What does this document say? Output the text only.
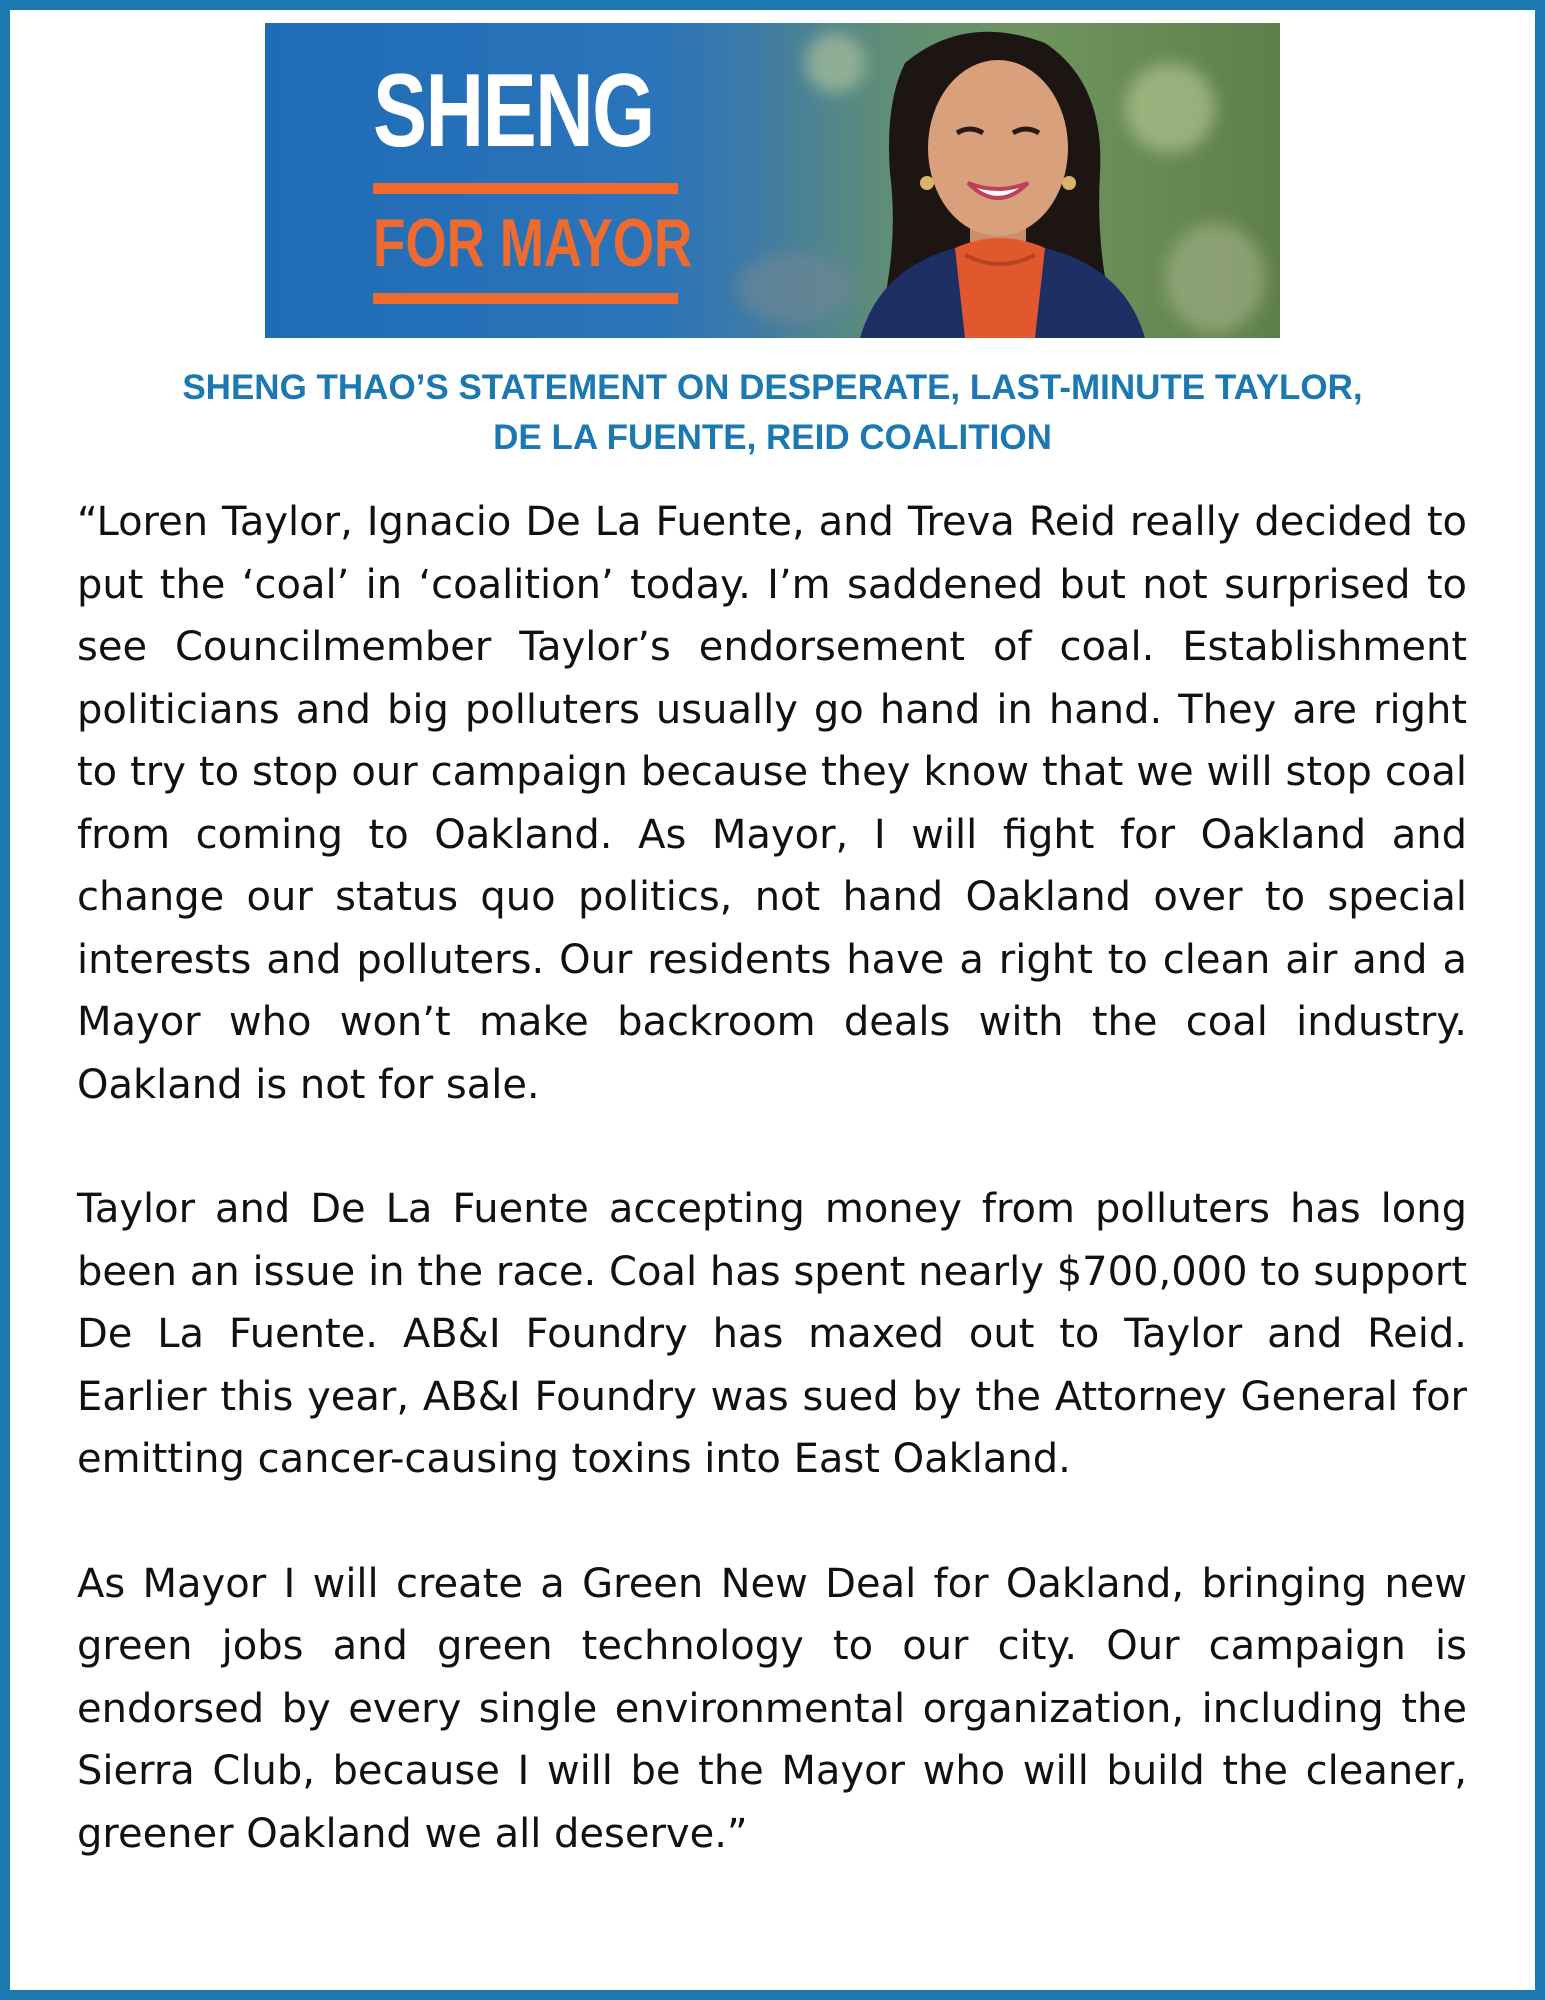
SHENG
FOR MAYOR
SHENG THAO’S STATEMENT ON DESPERATE, LAST-MINUTE TAYLOR,
DE LA FUENTE, REID COALITION

“Loren Taylor, Ignacio De La Fuente, and Treva Reid really decided to put the ‘coal’ in ‘coalition’ today. I’m saddened but not surprised to see Councilmember Taylor’s endorsement of coal. Establishment politicians and big polluters usually go hand in hand. They are right to try to stop our campaign because they know that we will stop coal from coming to Oakland. As Mayor, I will fight for Oakland and change our status quo politics, not hand Oakland over to special interests and polluters. Our residents have a right to clean air and a Mayor who won’t make backroom deals with the coal industry. Oakland is not for sale.

Taylor and De La Fuente accepting money from polluters has long been an issue in the race. Coal has spent nearly $700,000 to support De La Fuente. AB&I Foundry has maxed out to Taylor and Reid. Earlier this year, AB&I Foundry was sued by the Attorney General for emitting cancer-causing toxins into East Oakland.

As Mayor I will create a Green New Deal for Oakland, bringing new green jobs and green technology to our city. Our campaign is endorsed by every single environmental organization, including the Sierra Club, because I will be the Mayor who will build the cleaner, greener Oakland we all deserve.”
